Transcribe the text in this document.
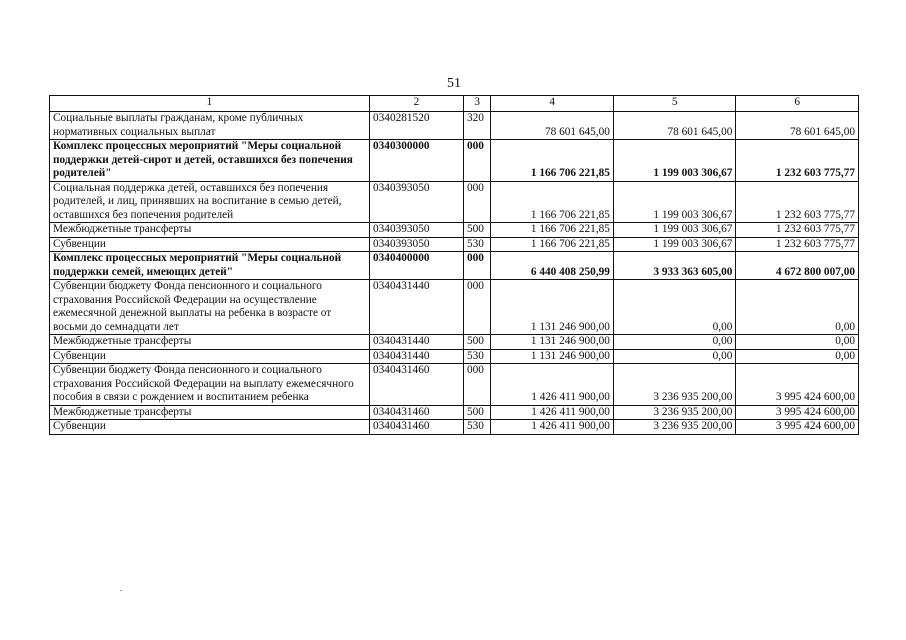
51
1	2	3	4	5	6
Социальные выплаты гражданам, кроме публичных нормативных социальных выплат	0340281520	320	78 601 645,00	78 601 645,00	78 601 645,00
Комплекс процессных мероприятий "Меры социальной поддержки детей-сирот и детей, оставшихся без попечения родителей"	0340300000	000	1 166 706 221,85	1 199 003 306,67	1 232 603 775,77
Социальная поддержка детей, оставшихся без попечения родителей, и лиц, принявших на воспитание в семью детей, оставшихся без попечения родителей	0340393050	000	1 166 706 221,85	1 199 003 306,67	1 232 603 775,77
Межбюджетные трансферты	0340393050	500	1 166 706 221,85	1 199 003 306,67	1 232 603 775,77
Субвенции	0340393050	530	1 166 706 221,85	1 199 003 306,67	1 232 603 775,77
Комплекс процессных мероприятий "Меры социальной поддержки семей, имеющих детей"	0340400000	000	6 440 408 250,99	3 933 363 605,00	4 672 800 007,00
Субвенции бюджету Фонда пенсионного и социального страхования Российской Федерации на осуществление ежемесячной денежной выплаты на ребенка в возрасте от восьми до семнадцати лет	0340431440	000	1 131 246 900,00	0,00	0,00
Межбюджетные трансферты	0340431440	500	1 131 246 900,00	0,00	0,00
Субвенции	0340431440	530	1 131 246 900,00	0,00	0,00
Субвенции бюджету Фонда пенсионного и социального страхования Российской Федерации на выплату ежемесячного пособия в связи с рождением и воспитанием ребенка	0340431460	000	1 426 411 900,00	3 236 935 200,00	3 995 424 600,00
Межбюджетные трансферты	0340431460	500	1 426 411 900,00	3 236 935 200,00	3 995 424 600,00
Субвенции	0340431460	530	1 426 411 900,00	3 236 935 200,00	3 995 424 600,00
